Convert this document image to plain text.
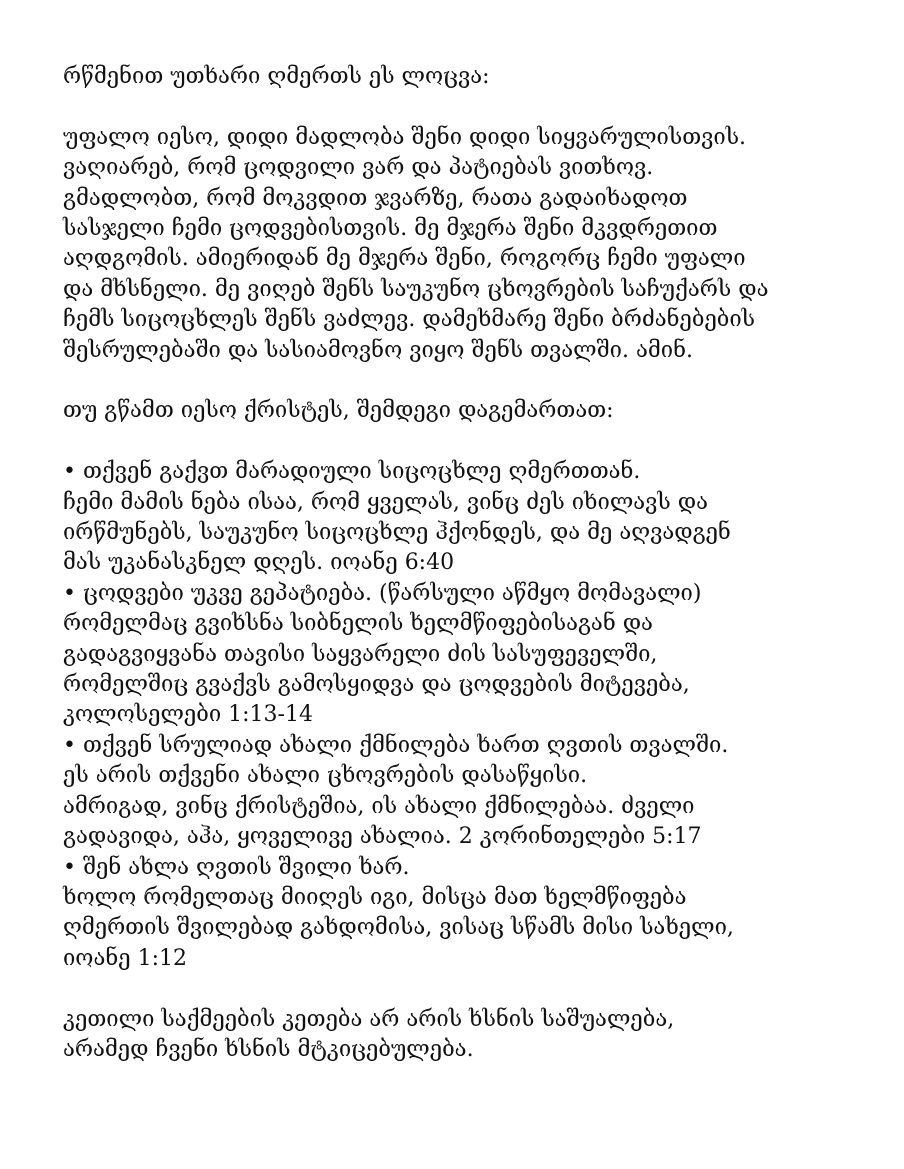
რწმენით უთხარი ღმერთს ეს ლოცვა:

უფალო იესო, დიდი მადლობა შენი დიდი სიყვარულისთვის.
ვაღიარებ, რომ ცოდვილი ვარ და პატიებას ვითხოვ.
გმადლობთ, რომ მოკვდით ჯვარზე, რათა გადაიხადოთ
სასჯელი ჩემი ცოდვებისთვის. მე მჯერა შენი მკვდრეთით
აღდგომის. ამიერიდან მე მჯერა შენი, როგორც ჩემი უფალი
და მხსნელი. მე ვიღებ შენს საუკუნო ცხოვრების საჩუქარს და
ჩემს სიცოცხლეს შენს ვაძლევ. დამეხმარე შენი ბრძანებების
შესრულებაში და სასიამოვნო ვიყო შენს თვალში. ამინ.

თუ გწამთ იესო ქრისტეს, შემდეგი დაგემართათ:

• თქვენ გაქვთ მარადიული სიცოცხლე ღმერთთან.
ჩემი მამის ნება ისაა, რომ ყველას, ვინც ძეს იხილავს და
ირწმუნებს, საუკუნო სიცოცხლე ჰქონდეს, და მე აღვადგენ
მას უკანასკნელ დღეს. იოანე 6:40
• ცოდვები უკვე გეპატიება. (წარსული აწმყო მომავალი)
რომელმაც გვიხსნა სიბნელის ხელმწიფებისაგან და
გადაგვიყვანა თავისი საყვარელი ძის სასუფეველში,
რომელშიც გვაქვს გამოსყიდვა და ცოდვების მიტევება,
კოლოსელები 1:13-14
• თქვენ სრულიად ახალი ქმნილება ხართ ღვთის თვალში.
ეს არის თქვენი ახალი ცხოვრების დასაწყისი.
ამრიგად, ვინც ქრისტეშია, ის ახალი ქმნილებაა. ძველი
გადავიდა, აჰა, ყოველივე ახალია. 2 კორინთელები 5:17
• შენ ახლა ღვთის შვილი ხარ.
ხოლო რომელთაც მიიღეს იგი, მისცა მათ ხელმწიფება
ღმერთის შვილებად გახდომისა, ვისაც სწამს მისი სახელი,
იოანე 1:12

კეთილი საქმეების კეთება არ არის ხსნის საშუალება,
არამედ ჩვენი ხსნის მტკიცებულება.
